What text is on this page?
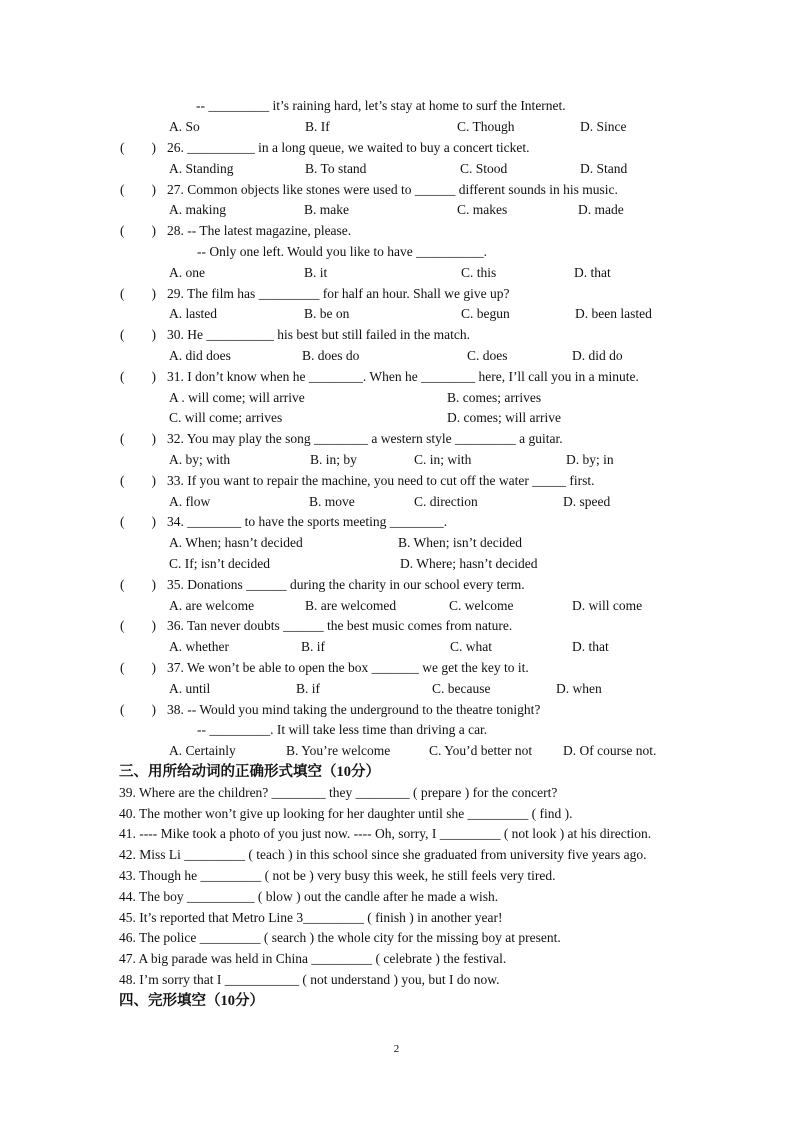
-- _________ it’s raining hard, let’s stay at home to surf the Internet.
A. So	B. If	C. Though	D. Since
(        ) 26. __________ in a long queue, we waited to buy a concert ticket.
A. Standing	B. To stand	C. Stood	D. Stand
(        ) 27. Common objects like stones were used to ______ different sounds in his music.
A. making	B. make	C. makes	D. made
(        ) 28. -- The latest magazine, please.
-- Only one left. Would you like to have __________.
A. one	B. it	C. this	D. that
(        ) 29. The film has _________ for half an hour. Shall we give up?
A. lasted	B. be on	C. begun	D. been lasted
(        ) 30. He __________ his best but still failed in the match.
A. did does	B. does do	C. does	D. did do
(        ) 31. I don’t know when he ________. When he ________ here, I’ll call you in a minute.
A . will come; will arrive	B. comes; arrives
C. will come; arrives	D. comes; will arrive
(        ) 32. You may play the song ________ a western style _________ a guitar.
A. by; with	B. in; by	C. in; with	D. by; in
(        ) 33. If you want to repair the machine, you need to cut off the water _____ first.
A. flow	B. move	C. direction	D. speed
(        ) 34. ________ to have the sports meeting ________.
A. When; hasn’t decided	B. When; isn’t decided
C. If; isn’t decided	D. Where; hasn’t decided
(        ) 35. Donations ______ during the charity in our school every term.
A. are welcome	B. are welcomed	C. welcome	D. will come
(        ) 36. Tan never doubts ______ the best music comes from nature.
A. whether	B. if	C. what	D. that
(        ) 37. We won’t be able to open the box _______ we get the key to it.
A. until	B. if	C. because	D. when
(        ) 38. -- Would you mind taking the underground to the theatre tonight?
-- _________. It will take less time than driving a car.
A. Certainly	B. You’re welcome	C. You’d better not D. Of course not.
三、用所给动词的正确形式填空（10分）
39. Where are the children? ________ they ________ ( prepare ) for the concert?
40. The mother won’t give up looking for her daughter until she _________ ( find ).
41. ---- Mike took a photo of you just now. ---- Oh, sorry, I _________ ( not look ) at his direction.
42. Miss Li _________ ( teach ) in this school since she graduated from university five years ago.
43. Though he _________ ( not be ) very busy this week, he still feels very tired.
44. The boy __________ ( blow ) out the candle after he made a wish.
45. It’s reported that Metro Line 3_________ ( finish ) in another year!
46. The police _________ ( search ) the whole city for the missing boy at present.
47. A big parade was held in China _________ ( celebrate ) the festival.
48. I’m sorry that I ___________ ( not understand ) you, but I do now.
四、完形填空（10分）
2
